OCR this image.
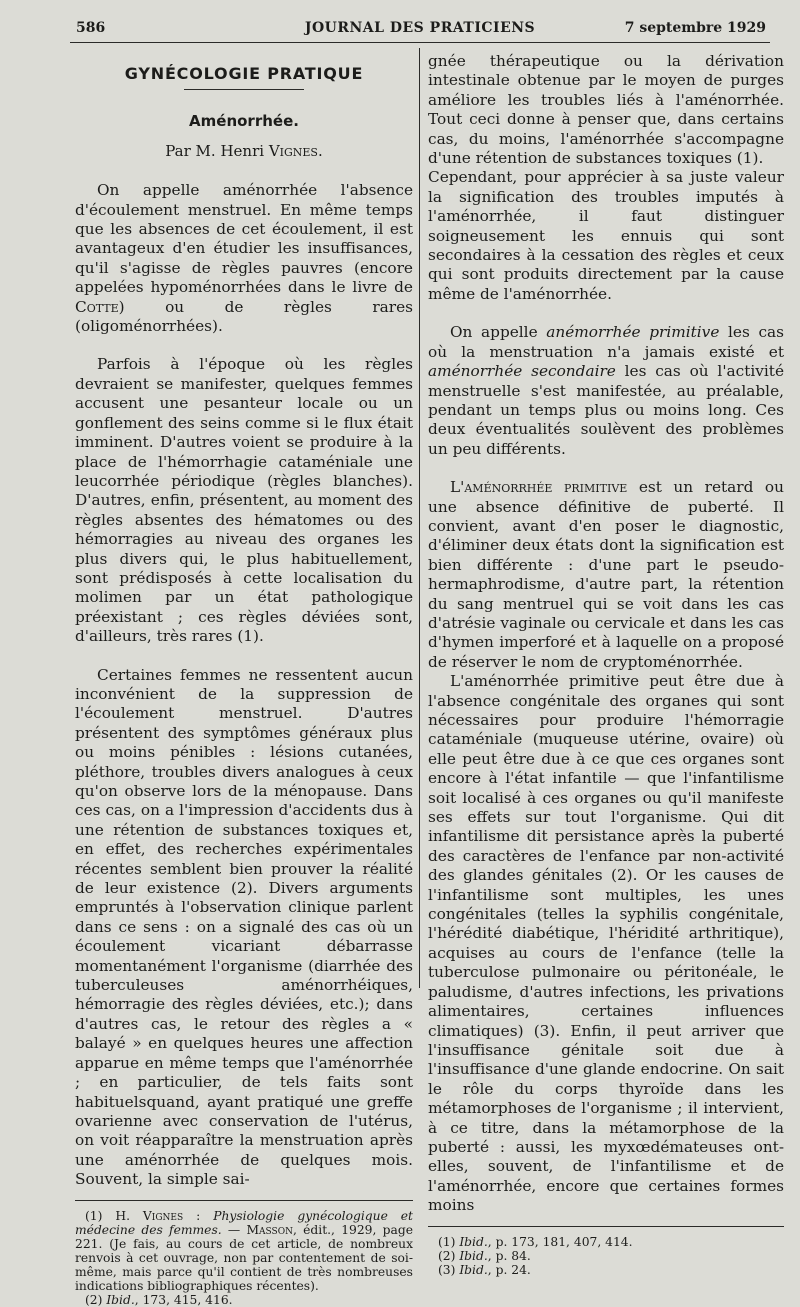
586	JOURNAL DES PRATICIENS	7 septembre 1929
GYNÉCOLOGIE PRATIQUE
Aménorrhée.
Par M. Henri Vignes.

On appelle aménorrhée l'absence d'écoulement menstruel. En même temps que les absences de cet écoulement, il est avantageux d'en étudier les insuffisances, qu'il s'agisse de règles pauvres (encore appelées hypoménorrhées dans le livre de Cotte) ou de règles rares (oligoménorrhées).

Parfois à l'époque où les règles devraient se manifester, quelques femmes accusent une pesanteur locale ou un gonflement des seins comme si le flux était imminent. D'autres voient se produire à la place de l'hémorrhagie cataméniale une leucorrhée périodique (règles blanches). D'autres, enfin, présentent, au moment des règles absentes des hématomes ou des hémorragies au niveau des organes les plus divers qui, le plus habituellement, sont prédisposés à cette localisation du molimen par un état pathologique préexistant ; ces règles déviées sont, d'ailleurs, très rares (1).

Certaines femmes ne ressentent aucun inconvénient de la suppression de l'écoulement menstruel. D'autres présentent des symptômes généraux plus ou moins pénibles : lésions cutanées, pléthore, troubles divers analogues à ceux qu'on observe lors de la ménopause. Dans ces cas, on a l'impression d'accidents dus à une rétention de substances toxiques et, en effet, des recherches expérimentales récentes semblent bien prouver la réalité de leur existence (2). Divers arguments empruntés à l'observation clinique parlent dans ce sens : on a signalé des cas où un écoulement vicariant débarrasse momentanément l'organisme (diarrhée des tuberculeuses aménorrhéiques, hémorragie des règles déviées, etc.); dans d'autres cas, le retour des règles a « balayé » en quelques heures une affection apparue en même temps que l'aménorrhée ; en particulier, de tels faits sont habituelsquand, ayant pratiqué une greffe ovarienne avec conservation de l'utérus, on voit réapparaître la menstruation après une aménorrhée de quelques mois. Souvent, la simple sai-

(1) H. Vignes : Physiologie gynécologique et médecine des femmes. — Masson, édit., 1929, page 221. (Je fais, au cours de cet article, de nombreux renvois à cet ouvrage, non par contentement de soi-même, mais parce qu'il contient de très nombreuses indications bibliographiques récentes).

(2) Ibid., 173, 415, 416.

gnée thérapeutique ou la dérivation intestinale obtenue par le moyen de purges améliore les troubles liés à l'aménorrhée. Tout ceci donne à penser que, dans certains cas, du moins, l'aménorrhée s'accompagne d'une rétention de substances toxiques (1).

Cependant, pour apprécier à sa juste valeur la signification des troubles imputés à l'aménorrhée, il faut distinguer soigneusement les ennuis qui sont secondaires à la cessation des règles et ceux qui sont produits directement par la cause même de l'aménorrhée.

On appelle anémorrhée primitive les cas où la menstruation n'a jamais existé et aménorrhée secondaire les cas où l'activité menstruelle s'est manifestée, au préalable, pendant un temps plus ou moins long. Ces deux éventualités soulèvent des problèmes un peu différents.

L'aménorrhée primitive est un retard ou une absence définitive de puberté. Il convient, avant d'en poser le diagnostic, d'éliminer deux états dont la signification est bien différente : d'une part le pseudo-hermaphrodisme, d'autre part, la rétention du sang mentruel qui se voit dans les cas d'atrésie vaginale ou cervicale et dans les cas d'hymen imperforé et à laquelle on a proposé de réserver le nom de cryptoménorrhée.

L'aménorrhée primitive peut être due à l'absence congénitale des organes qui sont nécessaires pour produire l'hémorragie cataméniale (muqueuse utérine, ovaire) où elle peut être due à ce que ces organes sont encore à l'état infantile — que l'infantilisme soit localisé à ces organes ou qu'il manifeste ses effets sur tout l'organisme. Qui dit infantilisme dit persistance après la puberté des caractères de l'enfance par non-activité des glandes génitales (2). Or les causes de l'infantilisme sont multiples, les unes congénitales (telles la syphilis congénitale, l'hérédité diabétique, l'héridité arthritique), acquises au cours de l'enfance (telle la tuberculose pulmonaire ou péritonéale, le paludisme, d'autres infections, les privations alimentaires, certaines influences climatiques) (3). Enfin, il peut arriver que l'insuffisance génitale soit due à l'insuffisance d'une glande endocrine. On sait le rôle du corps thyroïde dans les métamorphoses de l'organisme ; il intervient, à ce titre, dans la métamorphose de la puberté : aussi, les myxœdémateuses ont-elles, souvent, de l'infantilisme et de l'aménorrhée, encore que certaines formes moins

(1) Ibid., p. 173, 181, 407, 414.

(2) Ibid., p. 84.

(3) Ibid., p. 24.
